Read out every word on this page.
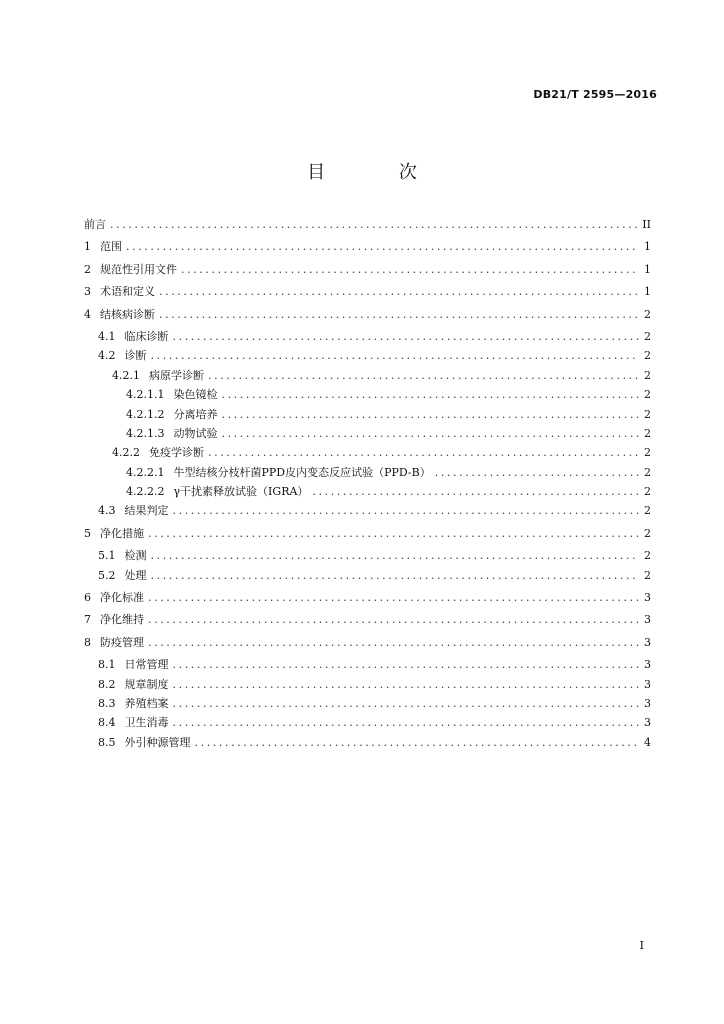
DB21/T 2595—2016
目 次
前言 .....	II
1 范围 .....	1
2 规范性引用文件 .....	1
3 术语和定义 .....	1
4 结核病诊断 .....	2
4.1 临床诊断 .....	2
4.2 诊断 .....	2
4.2.1 病原学诊断 .....	2
4.2.1.1 染色镜检 .....	2
4.2.1.2 分离培养 .....	2
4.2.1.3 动物试验 .....	2
4.2.2 免疫学诊断 .....	2
4.2.2.1 牛型结核分枝杆菌PPD皮内变态反应试验（PPD-B） .....	2
4.2.2.2 γ干扰素释放试验（IGRA） .....	2
4.3 结果判定 .....	2
5 净化措施 .....	2
5.1 检测 .....	2
5.2 处理 .....	2
6 净化标准 .....	3
7 净化维持 .....	3
8 防疫管理 .....	3
8.1 日常管理 .....	3
8.2 规章制度 .....	3
8.3 养殖档案 .....	3
8.4 卫生消毒 .....	3
8.5 外引种源管理 .....	4
I
